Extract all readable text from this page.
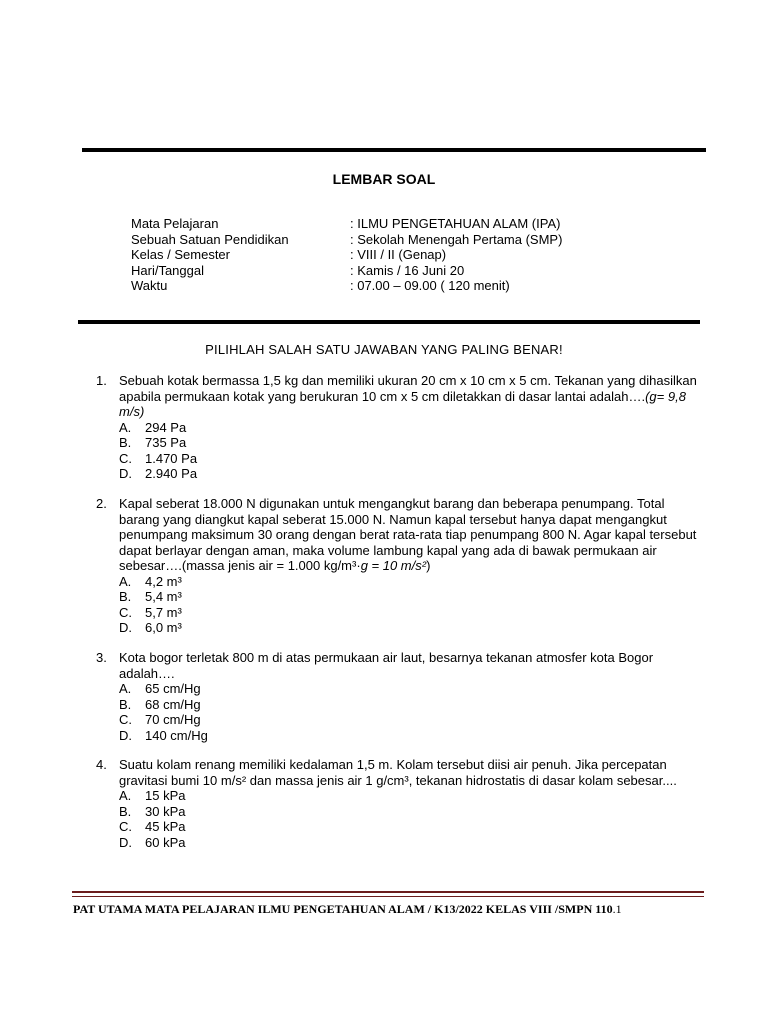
LEMBAR SOAL
Mata Pelajaran	: ILMU PENGETAHUAN ALAM (IPA)
Sebuah Satuan Pendidikan	: Sekolah Menengah Pertama (SMP)
Kelas / Semester	: VIII / II (Genap)
Hari/Tanggal	: Kamis / 16 Juni 20
Waktu	: 07.00 – 09.00 ( 120 menit)
PILIHLAH SALAH SATU JAWABAN YANG PALING BENAR!
1. Sebuah kotak bermassa 1,5 kg dan memiliki ukuran 20 cm x 10 cm x 5 cm. Tekanan yang dihasilkan apabila permukaan kotak yang berukuran 10 cm x 5 cm diletakkan di dasar lantai adalah….(g= 9,8 m/s)
A. 294 Pa
B. 735 Pa
C. 1.470 Pa
D. 2.940 Pa
2. Kapal seberat 18.000 N digunakan untuk mengangkut barang dan beberapa penumpang. Total barang yang diangkut kapal seberat 15.000 N. Namun kapal tersebut hanya dapat mengangkut penumpang maksimum 30 orang dengan berat rata-rata tiap penumpang 800 N. Agar kapal tersebut dapat berlayar dengan aman, maka volume lambung kapal yang ada di bawak permukaan air sebesar….(massa jenis air = 1.000 kg/m³·g = 10 m/s²)
A. 4,2 m³
B. 5,4 m³
C. 5,7 m³
D. 6,0 m³
3. Kota bogor terletak 800 m di atas permukaan air laut, besarnya tekanan atmosfer kota Bogor adalah….
A. 65 cm/Hg
B. 68 cm/Hg
C. 70 cm/Hg
D. 140 cm/Hg
4. Suatu kolam renang memiliki kedalaman 1,5 m. Kolam tersebut diisi air penuh. Jika percepatan gravitasi bumi 10 m/s² dan massa jenis air 1 g/cm³, tekanan hidrostatis di dasar kolam sebesar....
A. 15 kPa
B. 30 kPa
C. 45 kPa
D. 60 kPa
PAT UTAMA MATA PELAJARAN ILMU PENGETAHUAN ALAM / K13/2022 KELAS VIII /SMPN 110.1
